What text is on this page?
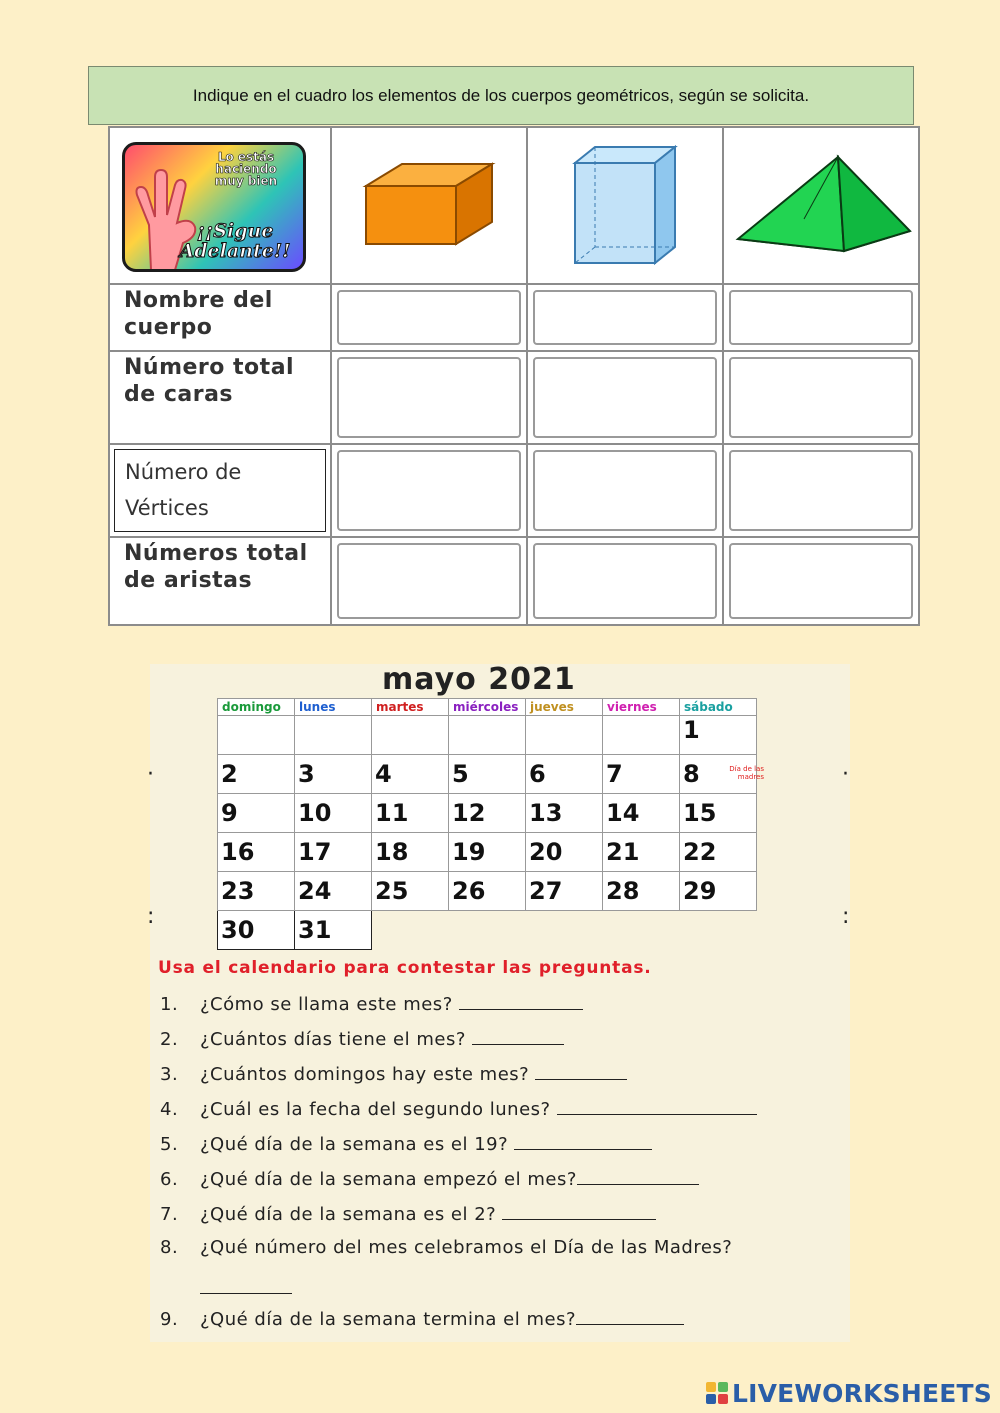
Indique en el cuadro los elementos de los cuerpos geométricos, según se solicita.
Lo estás haciendo muy bien
¡¡Sigue Adelante!!

Nombre del cuerpo			

Número total de caras			

Número de Vértices			

Números total de aristas			

mayo 2021
domingo	lunes	martes	miércoles	jueves	viernes	sábado
						1
2	3	4	5	6	7	8 Día de las madres

9	10	11	12	13	14	15
16	17	18	19	20	21	22
23	24	25	26	27	28	29
30	31					
·	·
:	:
Usa el calendario para contestar las preguntas.
1. ¿Cómo se llama este mes?
2. ¿Cuántos días tiene el mes?
3. ¿Cuántos domingos hay este mes?
4. ¿Cuál es la fecha del segundo lunes?
5. ¿Qué día de la semana es el 19?
6. ¿Qué día de la semana empezó el mes?
7. ¿Qué día de la semana es el 2?
8. ¿Qué número del mes celebramos el Día de las Madres?
9. ¿Qué día de la semana termina el mes?
LIVEWORKSHEETS
